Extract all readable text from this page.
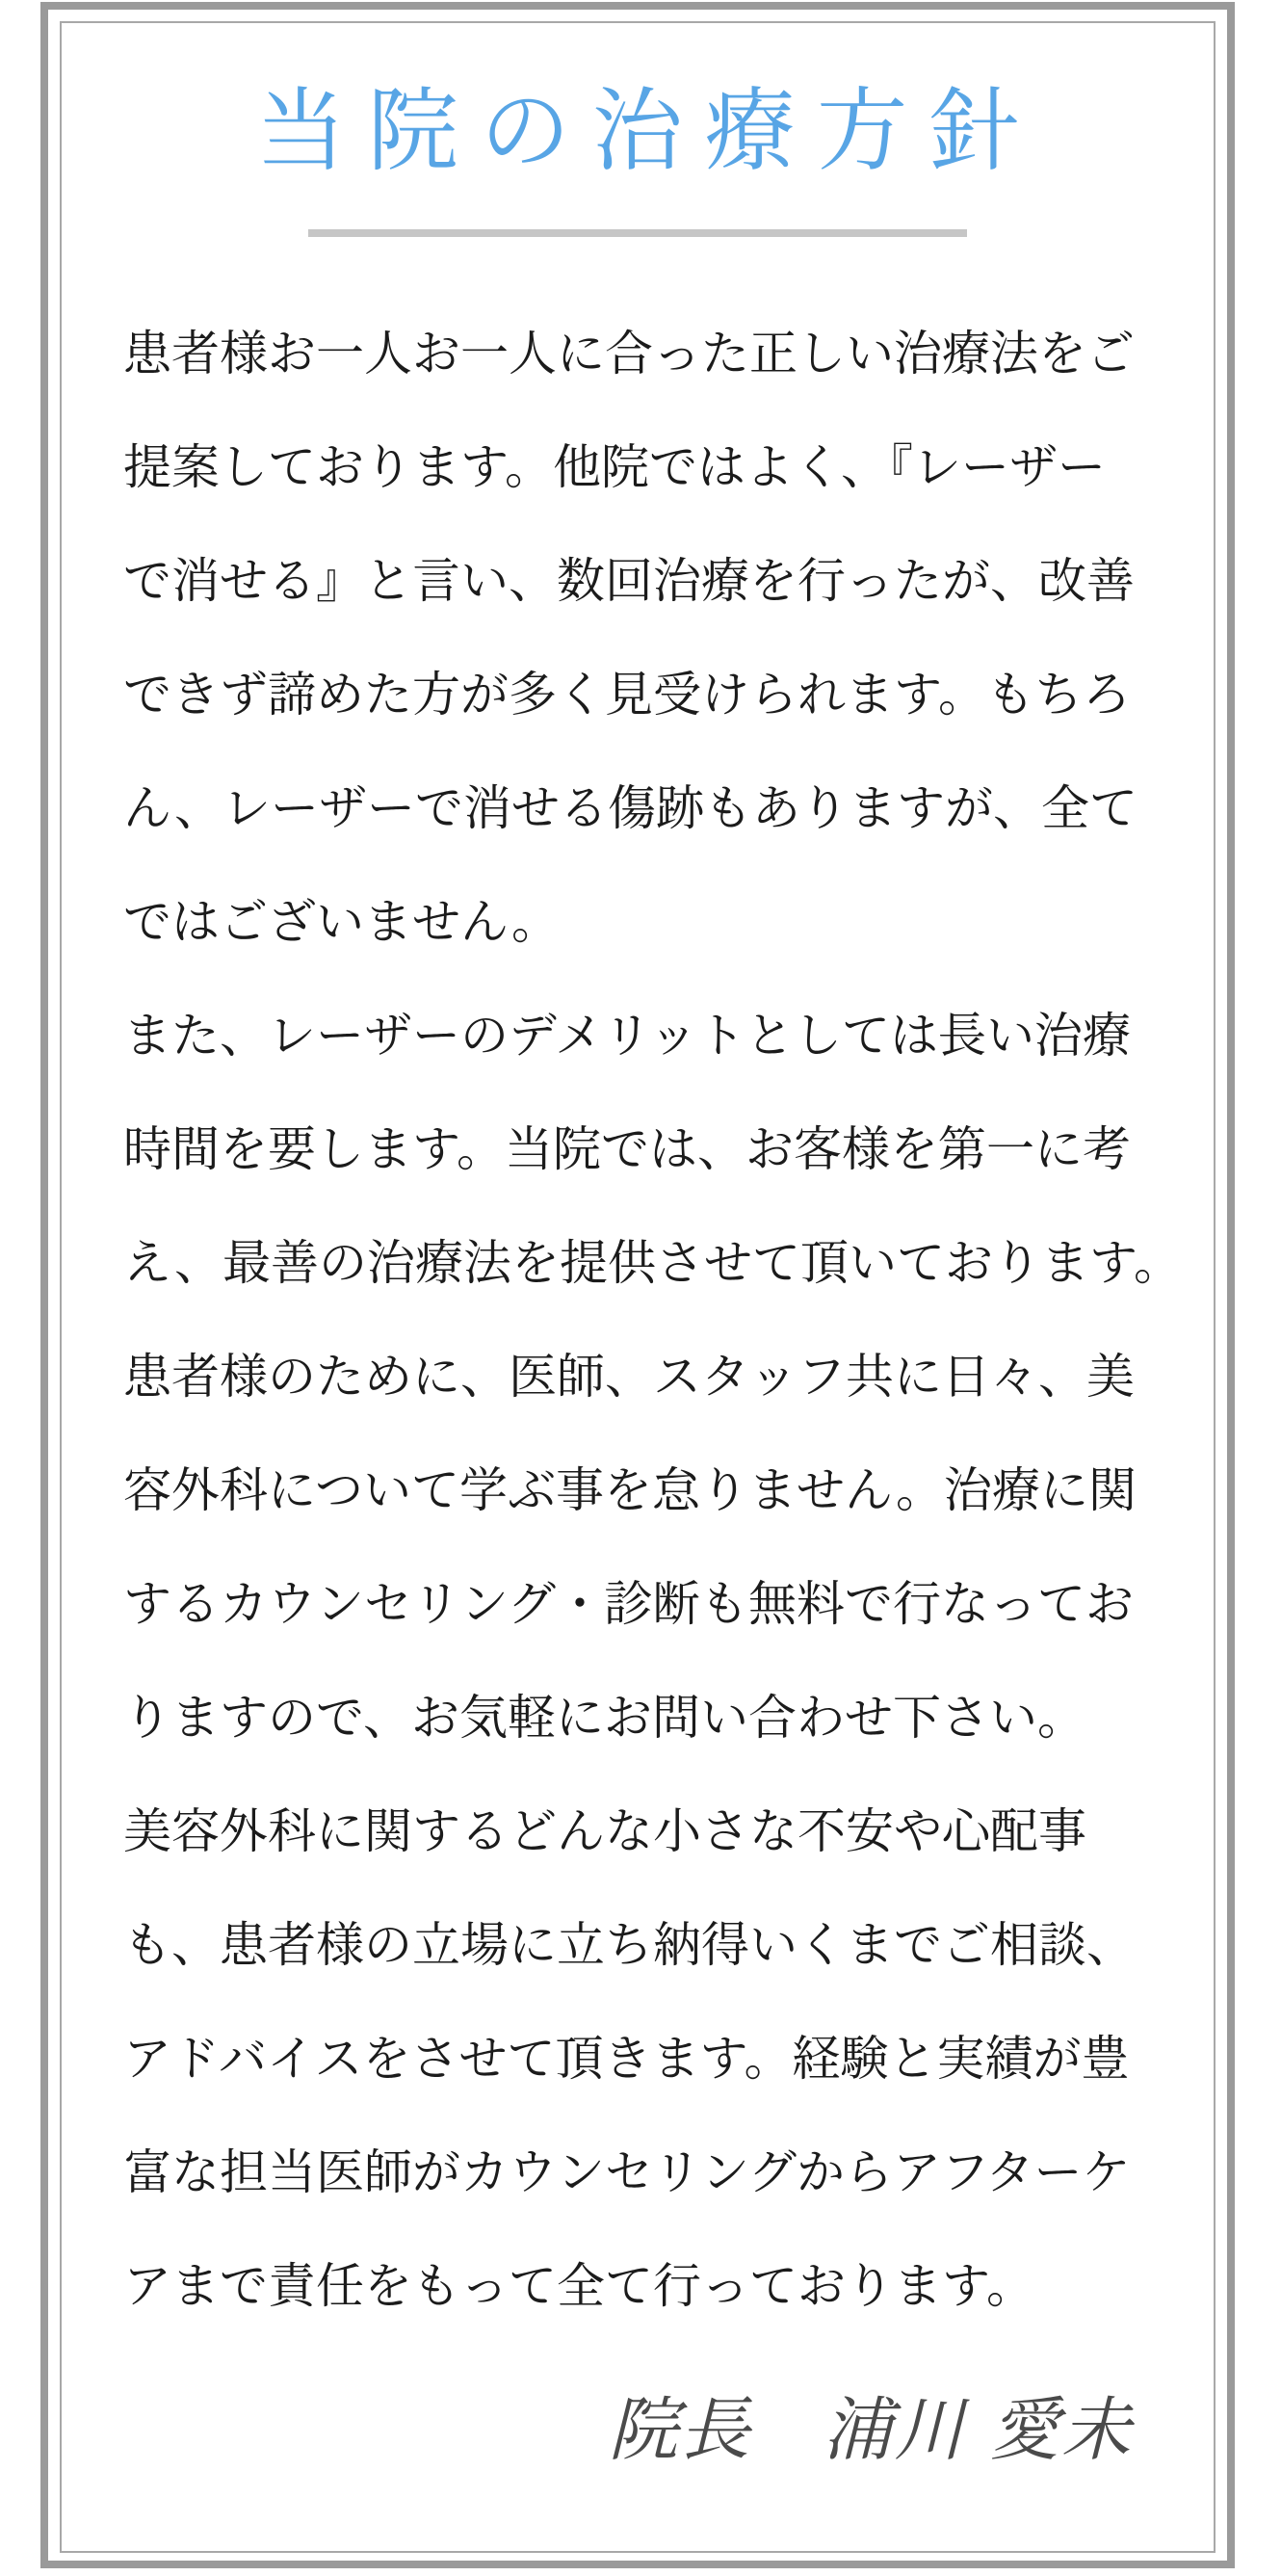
当院の治療方針
患者様お一人お一人に合った正しい治療法をご
提案しております。他院ではよく、『レーザー
で消せる』と言い、数回治療を行ったが、改善
できず諦めた方が多く見受けられます。もちろ
ん、レーザーで消せる傷跡もありますが、全て
ではございません。
また、レーザーのデメリットとしては長い治療
時間を要します。当院では、お客様を第一に考
え、最善の治療法を提供させて頂いております。
患者様のために、医師、スタッフ共に日々、美
容外科について学ぶ事を怠りません。治療に関
するカウンセリング・診断も無料で行なってお
りますので、お気軽にお問い合わせ下さい。
美容外科に関するどんな小さな不安や心配事
も、患者様の立場に立ち納得いくまでご相談、
アドバイスをさせて頂きます。経験と実績が豊
富な担当医師がカウンセリングからアフターケ
アまで責任をもって全て行っております。
院長　浦川 愛未
